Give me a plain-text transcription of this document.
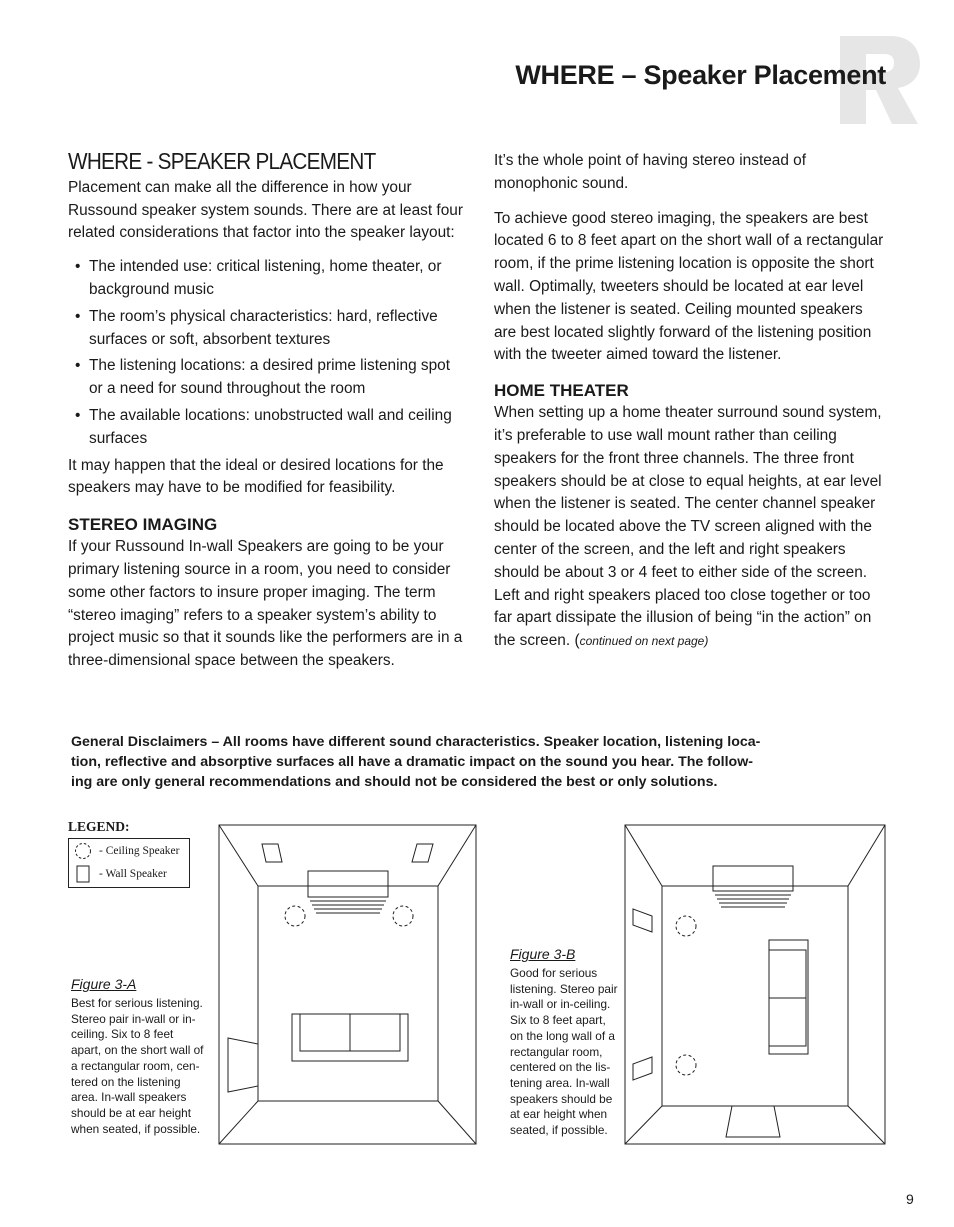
WHERE – Speaker Placement
WHERE - SPEAKER PLACEMENT

Placement can make all the difference in how your Russound speaker system sounds. There are at least four related considerations that factor into the speaker layout:

• The intended use: critical listening, home theater, or background music
• The room’s physical characteristics: hard, reflective surfaces or soft, absorbent textures
• The listening locations: a desired prime listening spot or a need for sound throughout the room
• The available locations: unobstructed wall and ceiling surfaces

It may happen that the ideal or desired locations for the speakers may have to be modified for feasibility.

STEREO IMAGING

If your Russound In-wall Speakers are going to be your primary listening source in a room, you need to consider some other factors to insure proper imaging. The term “stereo imaging” refers to a speaker system’s ability to project music so that it sounds like the performers are in a three-dimensional space between the speakers.

It’s the whole point of having stereo instead of monophonic sound.

To achieve good stereo imaging, the speakers are best located 6 to 8 feet apart on the short wall of a rectangular room, if the prime listening location is opposite the short wall. Optimally, tweeters should be located at ear level when the listener is seated. Ceiling mounted speakers are best located slightly forward of the listening position with the tweeter aimed toward the listener.

HOME THEATER

When setting up a home theater surround sound system, it’s preferable to use wall mount rather than ceiling speakers for the front three channels. The three front speakers should be at close to equal heights, at ear level when the listener is seated. The center channel speaker should be located above the TV screen aligned with the center of the screen, and the left and right speakers should be about 3 or 4 feet to either side of the screen. Left and right speakers placed too close together or too far apart dissipate the illusion of being “in the action” on the screen. (continued on next page)

General Disclaimers – All rooms have different sound characteristics. Speaker location, listening loca-
tion, reflective and absorptive surfaces all have a dramatic impact on the sound you hear. The follow-
ing are only general recommendations and should not be considered the best or only solutions.
LEGEND:
- Ceiling Speaker
- Wall Speaker
Figure 3-A
Best for serious listening.
Stereo pair in-wall or in-
ceiling. Six to 8 feet
apart, on the short wall of
a rectangular room, cen-
tered on the listening
area. In-wall speakers
should be at ear height
when seated, if possible.
Figure 3-B
Good for serious
listening. Stereo pair
in-wall or in-ceiling.
Six to 8 feet apart,
on the long wall of a
rectangular room,
centered on the lis-
tening area. In-wall
speakers should be
at ear height when
seated, if possible.
9
